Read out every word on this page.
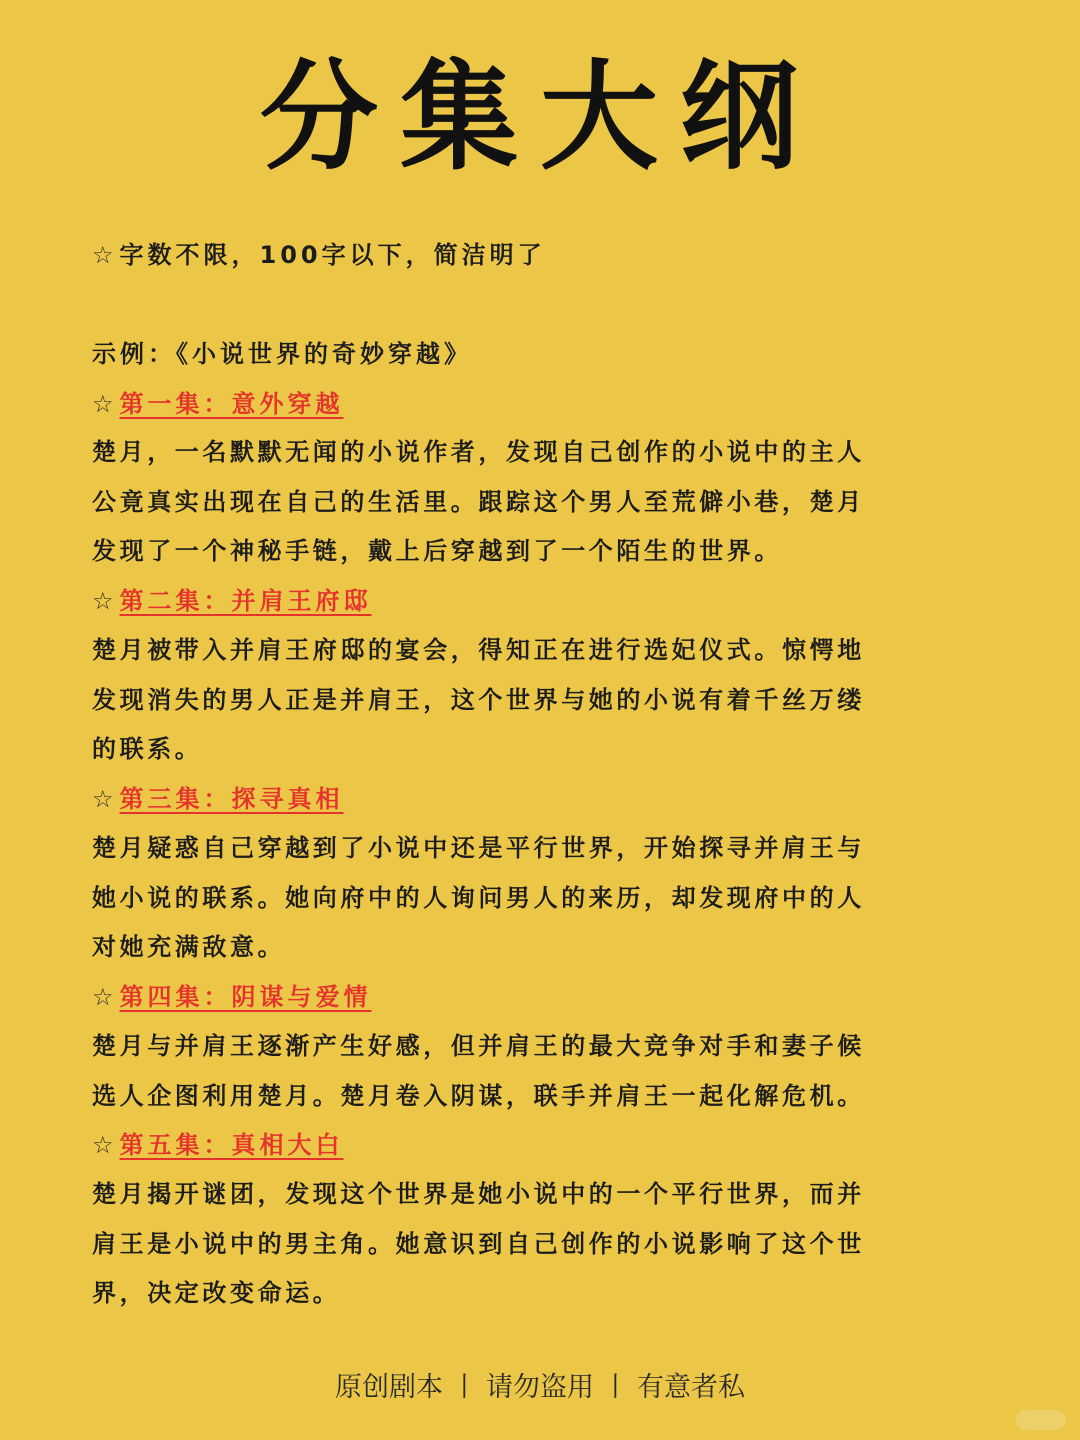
分集大纲
☆字数不限，100字以下，简洁明了
示例：《小说世界的奇妙穿越》
☆第一集：意外穿越
楚月，一名默默无闻的小说作者，发现自己创作的小说中的主人
公竟真实出现在自己的生活里。跟踪这个男人至荒僻小巷，楚月
发现了一个神秘手链，戴上后穿越到了一个陌生的世界。
☆第二集：并肩王府邸
楚月被带入并肩王府邸的宴会，得知正在进行选妃仪式。惊愕地
发现消失的男人正是并肩王，这个世界与她的小说有着千丝万缕
的联系。
☆第三集：探寻真相
楚月疑惑自己穿越到了小说中还是平行世界，开始探寻并肩王与
她小说的联系。她向府中的人询问男人的来历，却发现府中的人
对她充满敌意。
☆第四集：阴谋与爱情
楚月与并肩王逐渐产生好感，但并肩王的最大竞争对手和妻子候
选人企图利用楚月。楚月卷入阴谋，联手并肩王一起化解危机。
☆第五集：真相大白
楚月揭开谜团，发现这个世界是她小说中的一个平行世界，而并
肩王是小说中的男主角。她意识到自己创作的小说影响了这个世
界，决定改变命运。
原创剧本 丨 请勿盗用 丨 有意者私
